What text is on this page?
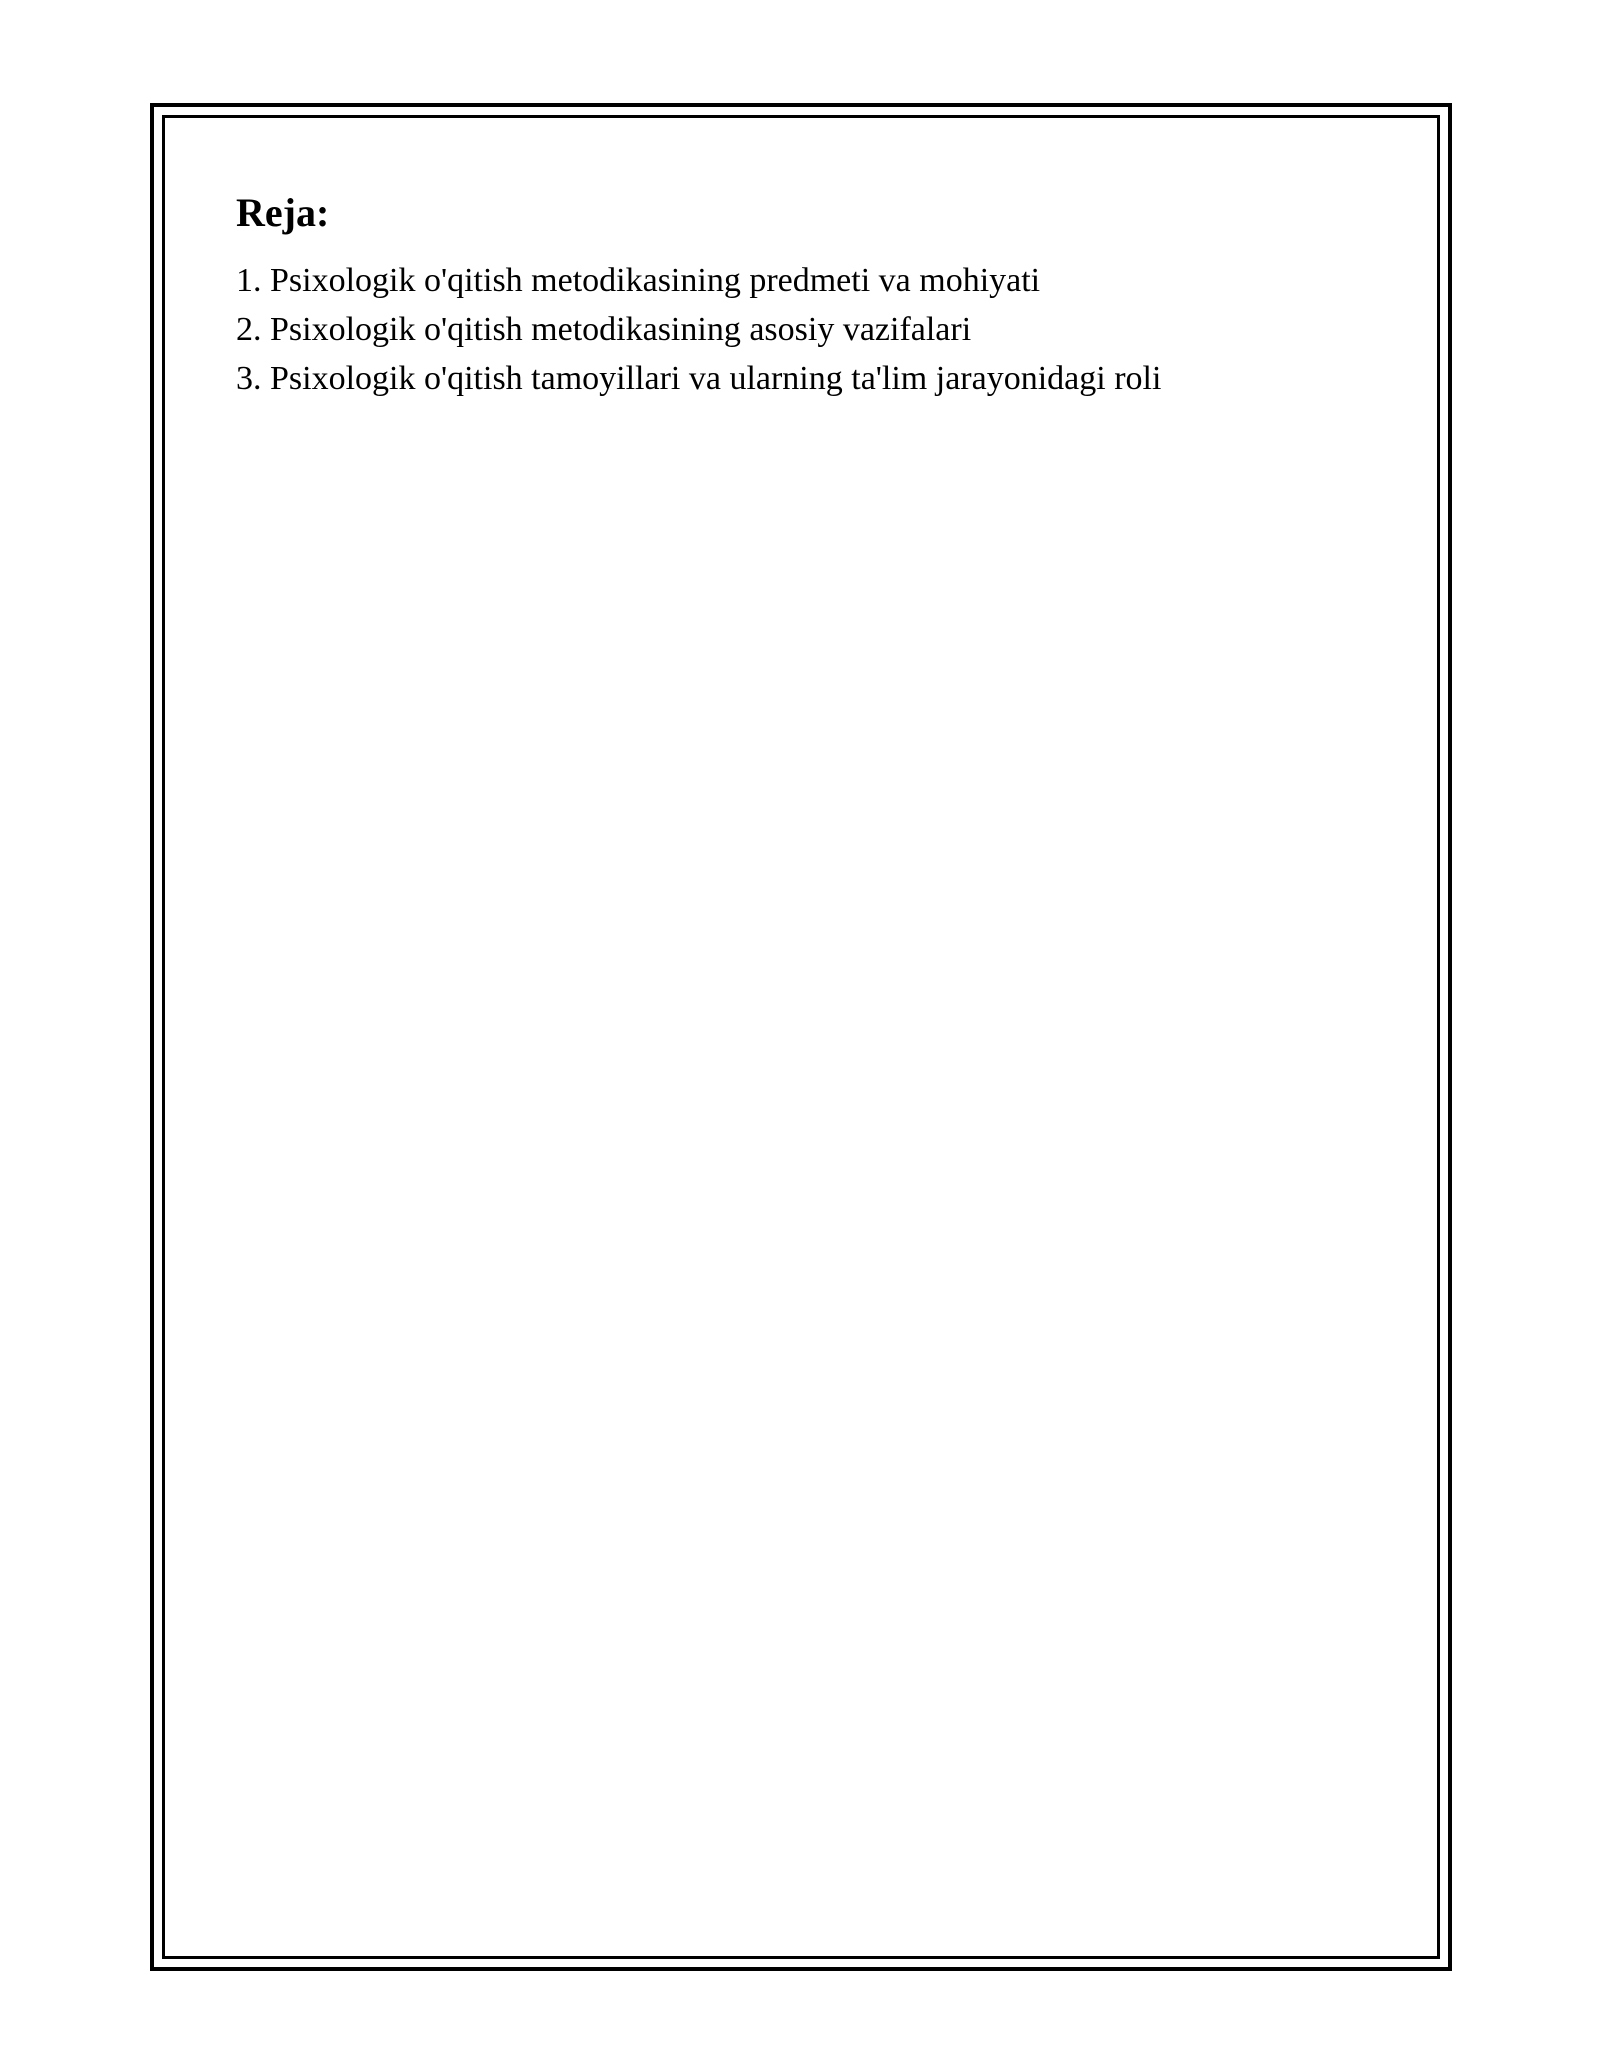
Reja:
1. Psixologik o'qitish metodikasining predmeti va mohiyati
2. Psixologik o'qitish metodikasining asosiy vazifalari
3. Psixologik o'qitish tamoyillari va ularning ta'lim jarayonidagi roli
